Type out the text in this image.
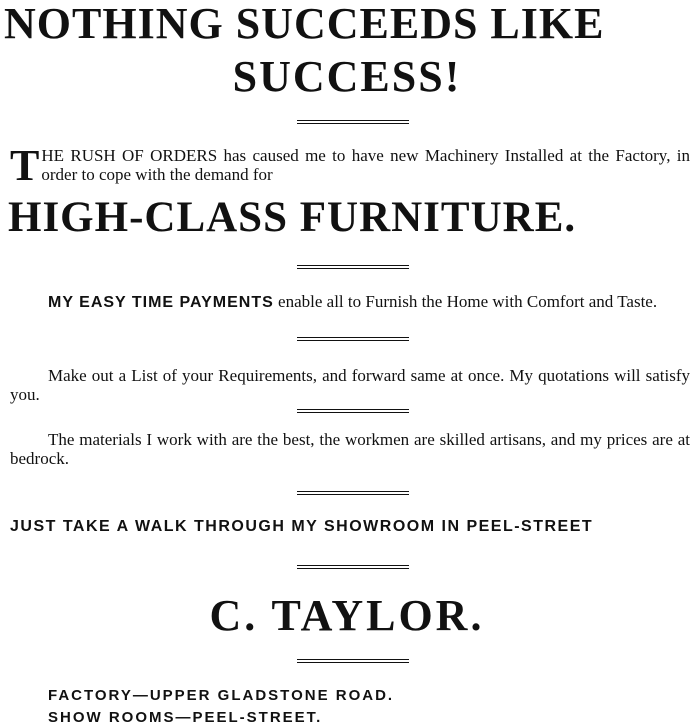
NOTHING SUCCEEDS LIKE
SUCCESS!
T HE RUSH OF ORDERS has caused me to have new Machinery Installed at the Factory, in order to cope with the demand for

HIGH-CLASS FURNITURE.

MY EASY TIME PAYMENTS enable all to Furnish the Home with Comfort and Taste.

Make out a List of your Requirements, and forward same at once. My quotations will satisfy you.

The materials I work with are the best, the workmen are skilled artisans, and my prices are at bedrock.

JUST TAKE A WALK THROUGH MY SHOWROOM IN PEEL-STREET

C. TAYLOR.

FACTORY—UPPER GLADSTONE ROAD.

SHOW ROOMS—PEEL-STREET.
